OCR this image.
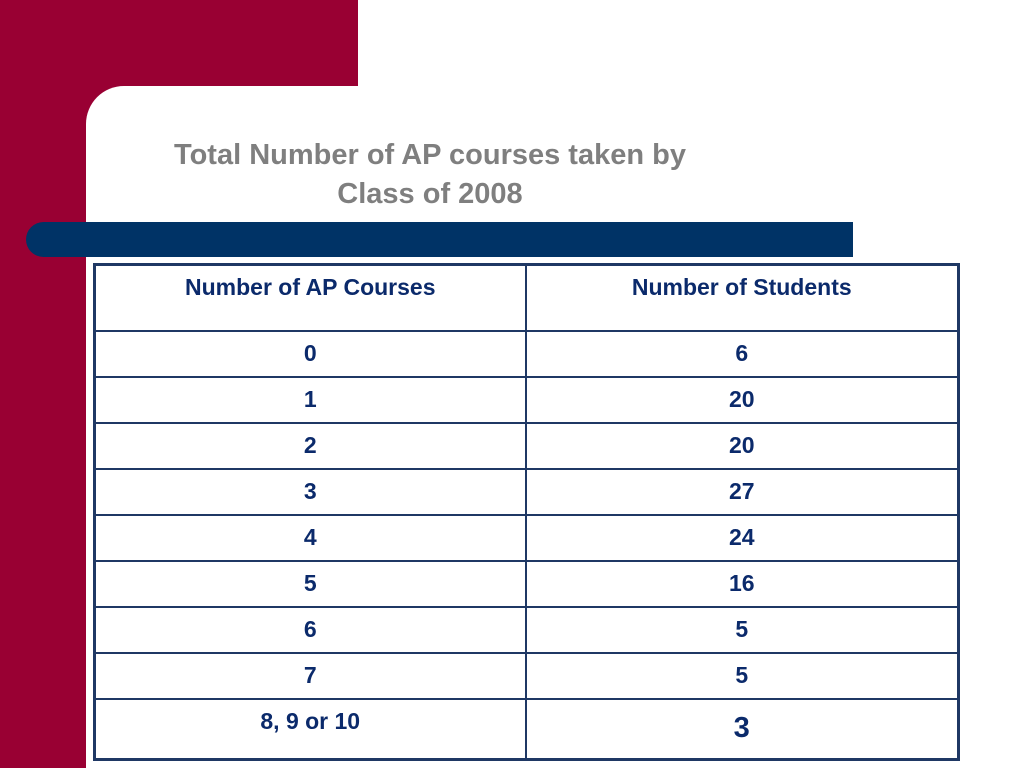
Total Number of AP courses taken by
Class of 2008
Number of AP Courses	Number of Students
0	6
1	20
2	20
3	27
4	24
5	16
6	5
7	5
8, 9 or 10	3
